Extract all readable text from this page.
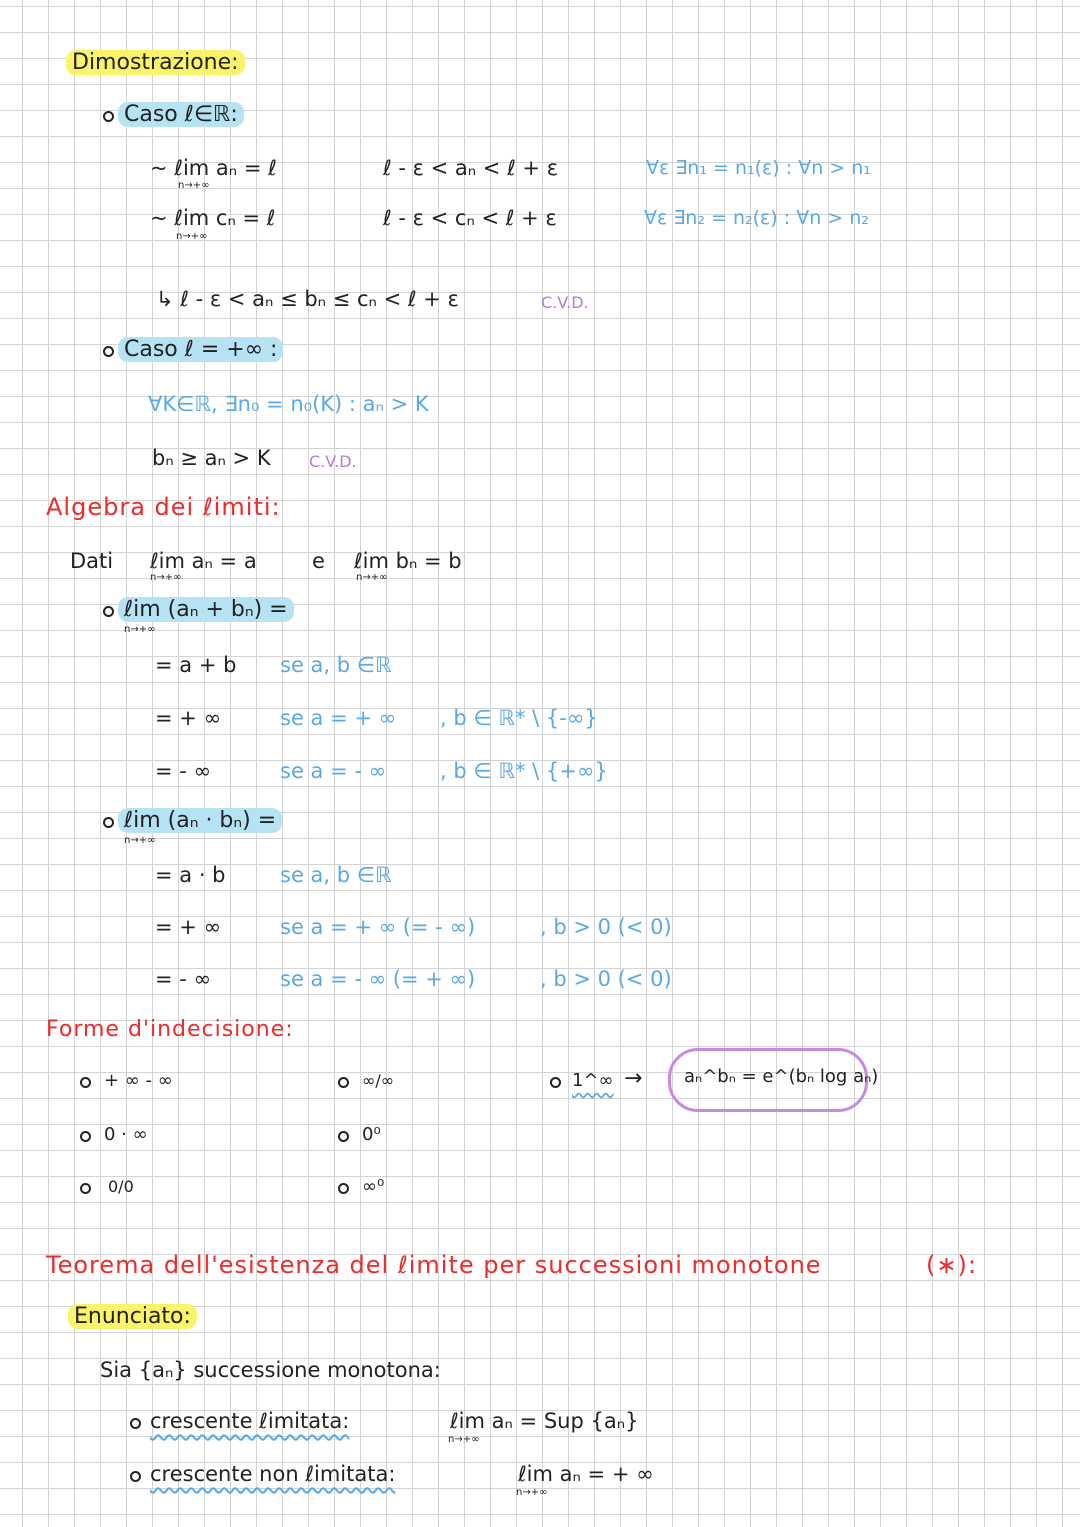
Dimostrazione:
Caso ℓ∈ℝ:
~ ℓim aₙ = ℓ
n→+∞
ℓ - ε < aₙ < ℓ + ε	∀ε ∃n₁ = n₁(ε) : ∀n > n₁
~ ℓim cₙ = ℓ
n→+∞
ℓ - ε < cₙ < ℓ + ε	∀ε ∃n₂ = n₂(ε) : ∀n > n₂
↳ ℓ - ε < aₙ ≤ bₙ ≤ cₙ < ℓ + ε	C.V.D.
Caso ℓ = +∞ :
∀K∈ℝ, ∃n₀ = n₀(K) : aₙ > K
bₙ ≥ aₙ > K C.V.D.
Algebra dei ℓimiti:
Dati ℓim aₙ = a
n→+∞
e ℓim bₙ = b
n→+∞
ℓim (aₙ + bₙ) =
n→+∞
= a + b se a, b ∈ℝ
= + ∞	se a = + ∞ , b ∈ ℝ* \ {-∞}
= - ∞	se a = - ∞	, b ∈ ℝ* \ {+∞}
ℓim (aₙ · bₙ) =
n→+∞
= a · b	se a, b ∈ℝ
= + ∞	se a = + ∞ (= - ∞)	, b > 0 (< 0)
= - ∞	se a = - ∞ (= + ∞)	, b > 0 (< 0)
Forme d'indecisione:
+ ∞ - ∞
0 · ∞
0/0
∞/∞
0⁰
∞⁰
1^∞ → aₙ^bₙ = e^(bₙ log aₙ)
Teorema dell'esistenza del ℓimite per successioni monotone	(∗):
Enunciato:
Sia {aₙ} successione monotona:
crescente ℓimitata:	ℓim aₙ = Sup {aₙ}
n→+∞
crescente non ℓimitata:	ℓim aₙ = + ∞
n→+∞
